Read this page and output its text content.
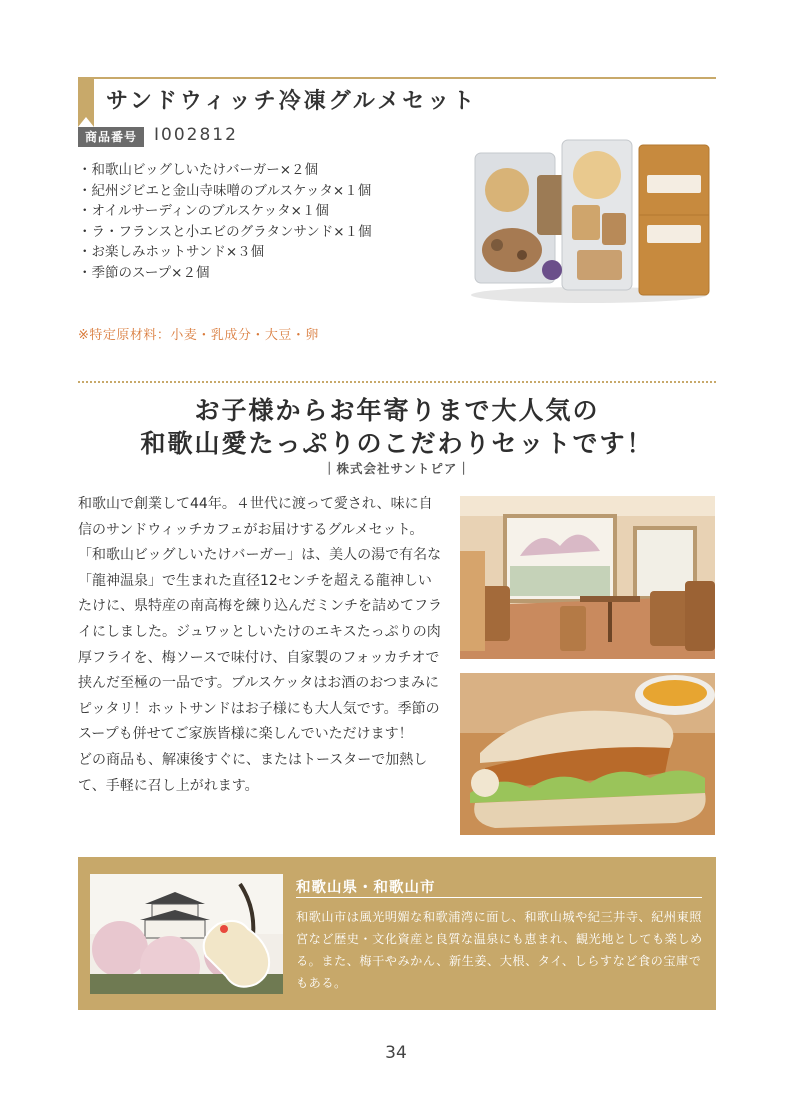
サンドウィッチ冷凍グルメセット
商品番号	I002812
・和歌山ビッグしいたけバーガー×２個
・紀州ジビエと金山寺味噌のブルスケッタ×１個
・オイルサーディンのブルスケッタ×１個
・ラ・フランスと小エビのグラタンサンド×１個
・お楽しみホットサンド×３個
・季節のスープ×２個
※特定原材料：小麦・乳成分・大豆・卵
お子様からお年寄りまで大人気の
和歌山愛たっぷりのこだわりセットです！
｜株式会社サントピア｜

和歌山で創業して44年。４世代に渡って愛され、味に自信のサンドウィッチカフェがお届けするグルメセット。

「和歌山ビッグしいたけバーガー」は、美人の湯で有名な「龍神温泉」で生まれた直径12センチを超える龍神しいたけに、県特産の南高梅を練り込んだミンチを詰めてフライにしました。ジュワッとしいたけのエキスたっぷりの肉厚フライを、梅ソースで味付け、自家製のフォッカチオで挟んだ至極の一品です。ブルスケッタはお酒のおつまみにピッタリ！ホットサンドはお子様にも大人気です。季節のスープも併せてご家族皆様に楽しんでいただけます！

どの商品も、解凍後すぐに、またはトースターで加熱して、手軽に召し上がれます。

和歌山県・和歌山市
和歌山市は風光明媚な和歌浦湾に面し、和歌山城や紀三井寺、紀州東照宮など歴史・文化資産と良質な温泉にも恵まれ、観光地としても楽しめる。また、梅干やみかん、新生姜、大根、タイ、しらすなど食の宝庫でもある。
34
